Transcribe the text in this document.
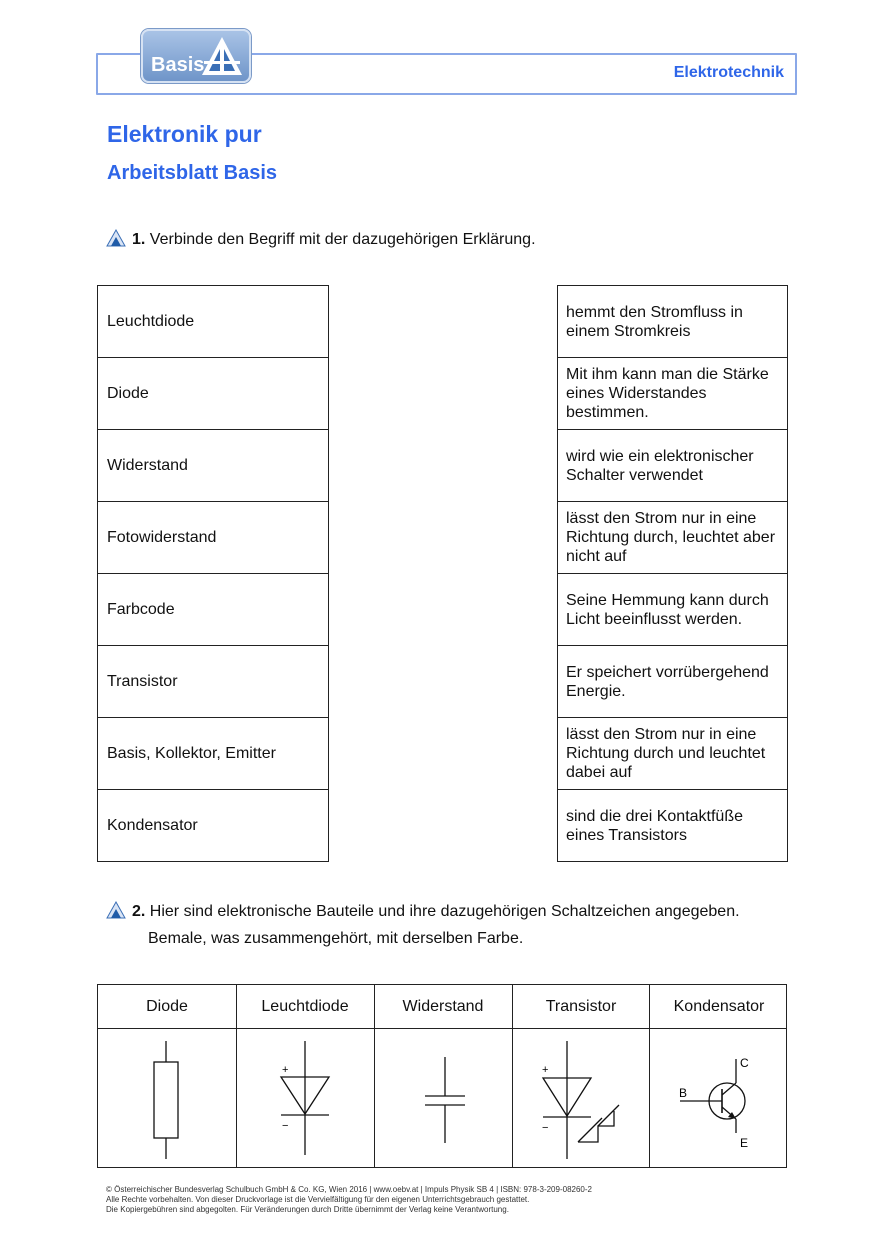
Basis	Elektrotechnik
Elektronik pur
Arbeitsblatt Basis
1. Verbinde den Begriff mit der dazugehörigen Erklärung.
Leuchtdiode
Diode
Widerstand
Fotowiderstand
Farbcode
Transistor
Basis, Kollektor, Emitter
Kondensator
hemmt den Stromfluss in einem Stromkreis
Mit ihm kann man die Stärke eines Widerstandes bestimmen.
wird wie ein elektronischer Schalter verwendet
lässt den Strom nur in eine Richtung durch, leuchtet aber nicht auf
Seine Hemmung kann durch Licht beeinflusst werden.
Er speichert vorrübergehend Energie.
lässt den Strom nur in eine Richtung durch und leuchtet dabei auf
sind die drei Kontaktfüße eines Transistors
2. Hier sind elektronische Bauteile und ihre dazugehörigen Schaltzeichen angegeben.
Bemale, was zusammengehört, mit derselben Farbe.
Diode	Leuchtdiode	Widerstand	Transistor	Kondensator
+
−
+
−
B
C
E
© Österreichischer Bundesverlag Schulbuch GmbH & Co. KG, Wien 2016 | www.oebv.at | Impuls Physik SB 4 | ISBN: 978-3-209-08260-2
Alle Rechte vorbehalten. Von dieser Druckvorlage ist die Vervielfältigung für den eigenen Unterrichtsgebrauch gestattet.
Die Kopiergebühren sind abgegolten. Für Veränderungen durch Dritte übernimmt der Verlag keine Verantwortung.
